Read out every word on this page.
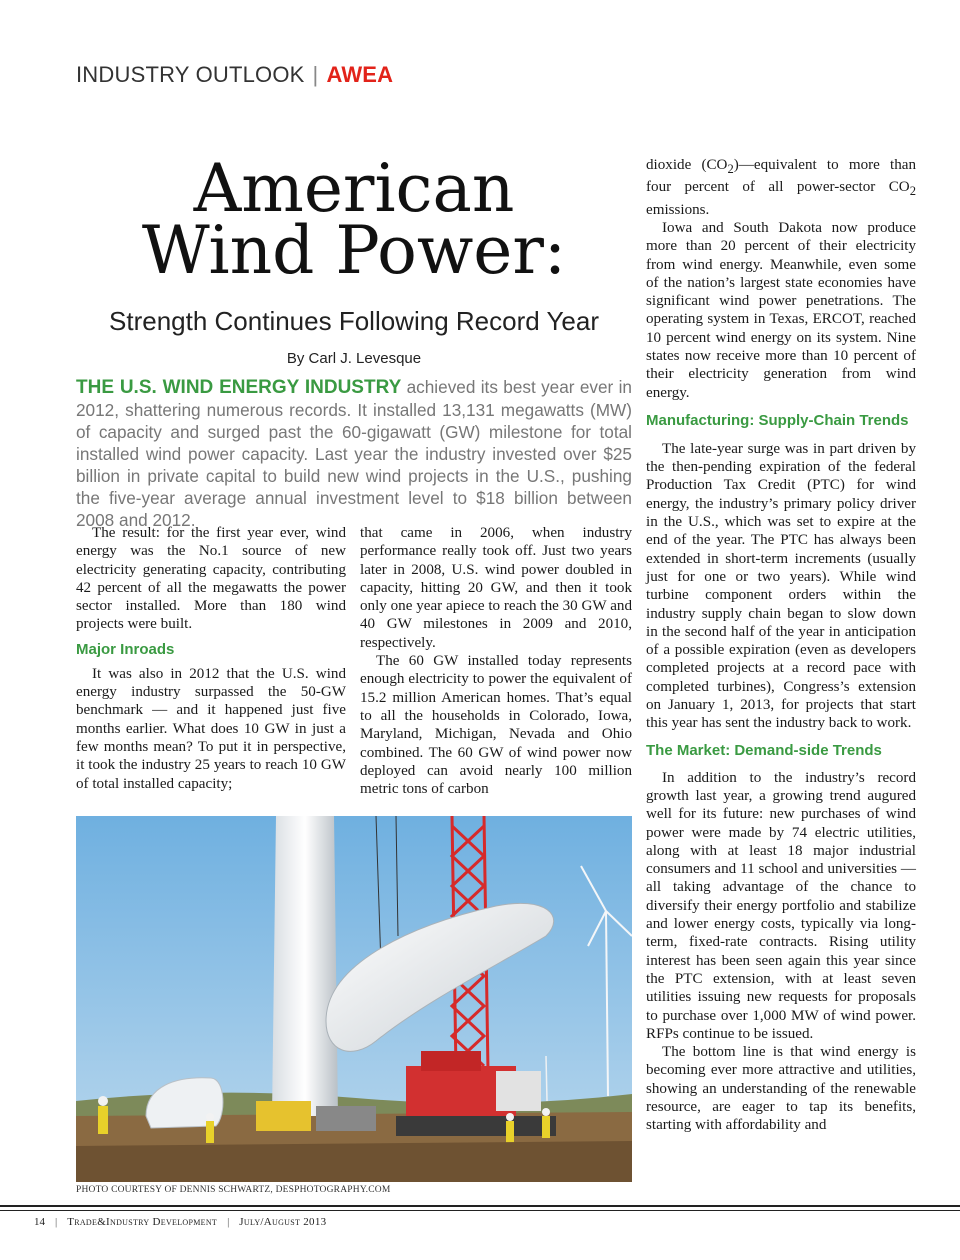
INDUSTRY OUTLOOK | AWEA
American
Wind Power:
Strength Continues Following Record Year
By Carl J. Levesque
THE U.S. WIND ENERGY INDUSTRY achieved its best year ever in 2012, shattering numerous records. It installed 13,131 megawatts (MW) of capacity and surged past the 60-gigawatt (GW) milestone for total installed wind power capacity. Last year the industry invested over $25 billion in private capital to build new wind projects in the U.S., pushing the five-year average annual investment level to $18 billion between 2008 and 2012.

The result: for the first year ever, wind energy was the No.1 source of new electricity generating capacity, contributing 42 percent of all the megawatts the power sector installed. More than 180 wind projects were built.

Major Inroads

It was also in 2012 that the U.S. wind energy industry surpassed the 50-GW benchmark — and it happened just five months earlier. What does 10 GW in just a few months mean? To put it in perspective, it took the industry 25 years to reach 10 GW of total installed capacity;

that came in 2006, when industry performance really took off. Just two years later in 2008, U.S. wind power doubled in capacity, hitting 20 GW, and then it took only one year apiece to reach the 30 GW and 40 GW milestones in 2009 and 2010, respectively.

The 60 GW installed today represents enough electricity to power the equivalent of 15.2 million American homes. That’s equal to all the households in Colorado, Iowa, Maryland, Michigan, Nevada and Ohio combined. The 60 GW of wind power now deployed can avoid nearly 100 million metric tons of carbon

dioxide $(CO_2)—equivalent$ to more than four percent of all power-sector $CO_2$ emissions.

Iowa and South Dakota now produce more than 20 percent of their electricity from wind energy. Meanwhile, even some of the nation’s largest state economies have significant wind power penetrations. The operating system in Texas, ERCOT, reached 10 percent wind energy on its system. Nine states now receive more than 10 percent of their electricity generation from wind energy.

Manufacturing: Supply-Chain Trends

The late-year surge was in part driven by the then-pending expiration of the federal Production Tax Credit (PTC) for wind energy, the industry’s primary policy driver in the U.S., which was set to expire at the end of the year. The PTC has always been extended in short-term increments (usually just for one or two years). While wind turbine component orders within the industry supply chain began to slow down in the second half of the year in anticipation of a possible expiration (even as developers completed projects at a record pace with completed turbines), Congress’s extension on January 1, 2013, for projects that start this year has sent the industry back to work.

The Market: Demand-side Trends

In addition to the industry’s record growth last year, a growing trend augured well for its future: new purchases of wind power were made by 74 electric utilities, along with at least 18 major industrial consumers and 11 school and universities — all taking advantage of the chance to diversify their energy portfolio and stabilize and lower energy costs, typically via long-term, fixed-rate contracts. Rising utility interest has been seen again this year since the PTC extension, with at least seven utilities issuing new requests for proposals to purchase over 1,000 MW of wind power. RFPs continue to be issued.

The bottom line is that wind energy is becoming ever more attractive and utilities, showing an understanding of the renewable resource, are eager to tap its benefits, starting with affordability and

PHOTO COURTESY OF DENNIS SCHWARTZ, DESPHOTOGRAPHY.COM
14 | Trade&Industry Development | July/August 2013
